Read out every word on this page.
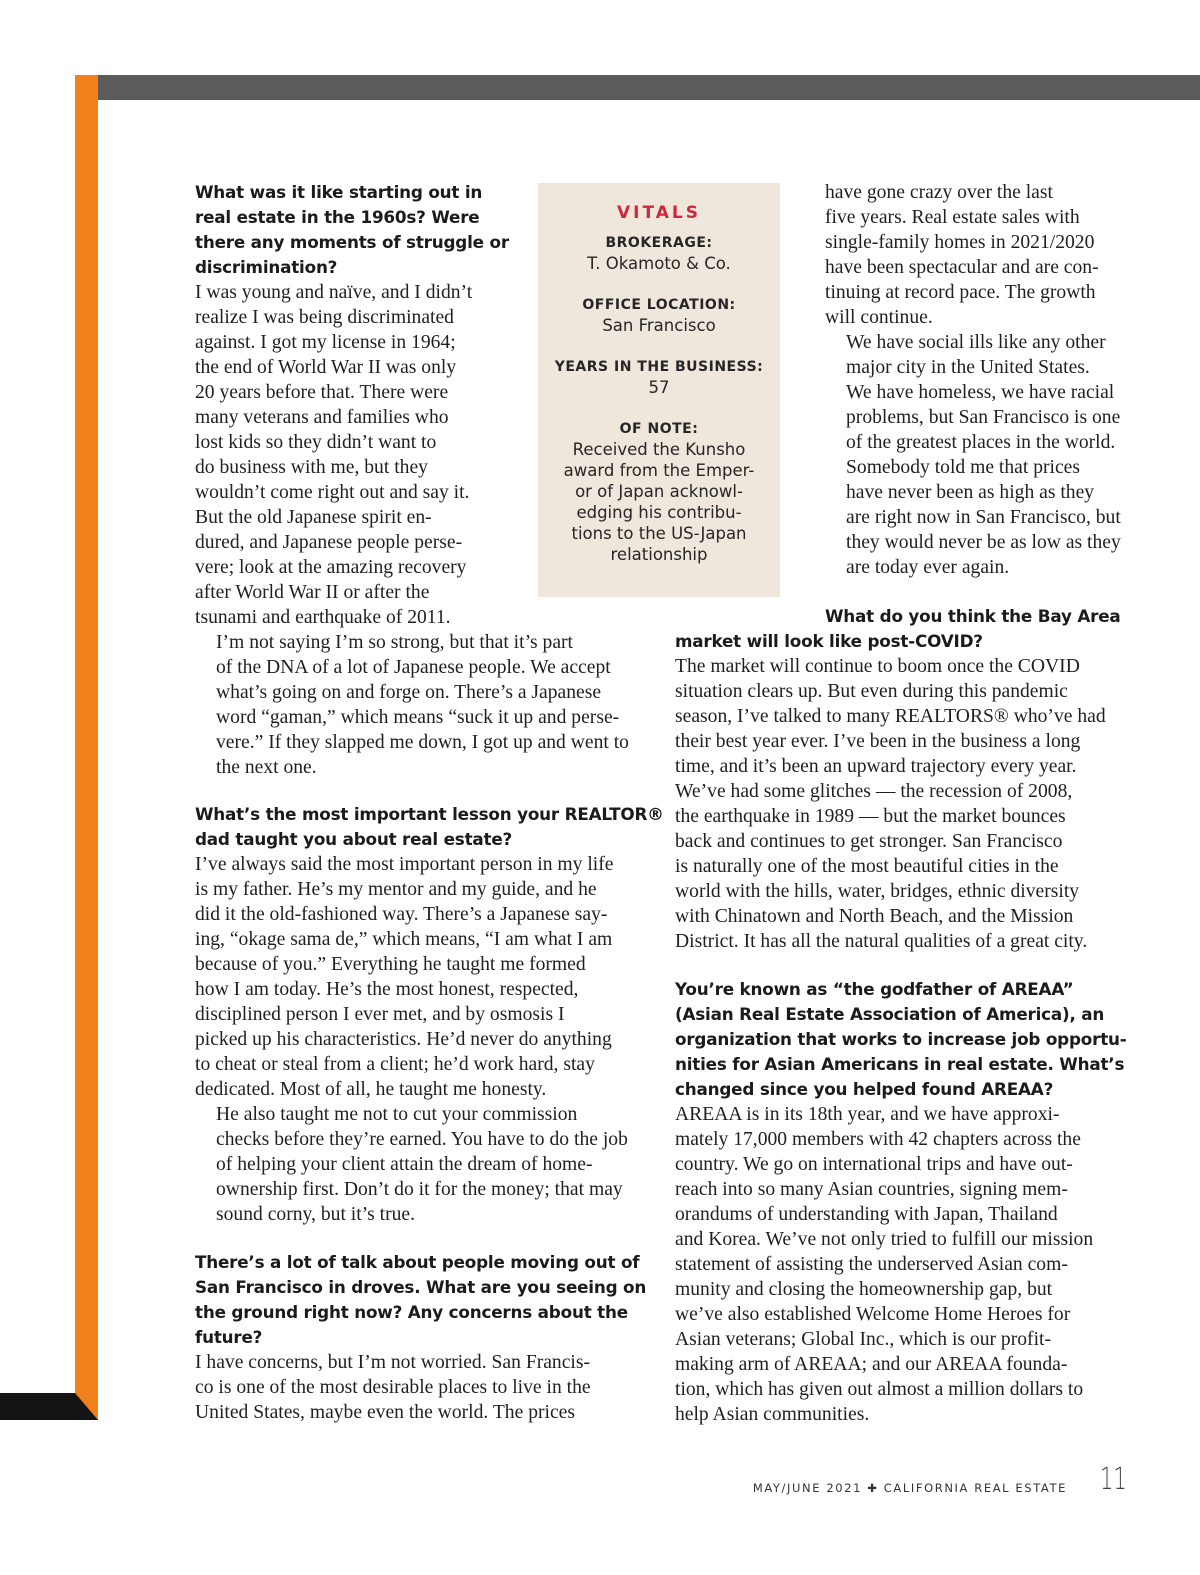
What was it like starting out in
real estate in the 1960s? Were
there any moments of struggle or
discrimination?
I was young and naïve, and I didn’t
realize I was being discriminated
against. I got my license in 1964;
the end of World War II was only
20 years before that. There were
many veterans and families who
lost kids so they didn’t want to
do business with me, but they
wouldn’t come right out and say it.
But the old Japanese spirit en-
dured, and Japanese people perse-
vere; look at the amazing recovery
after World War II or after the
tsunami and earthquake of 2011.
I’m not saying I’m so strong, but that it’s part
of the DNA of a lot of Japanese people. We accept
what’s going on and forge on. There’s a Japanese
word “gaman,” which means “suck it up and perse-
vere.” If they slapped me down, I got up and went to
the next one.
What’s the most important lesson your REALTOR®
dad taught you about real estate?
I’ve always said the most important person in my life
is my father. He’s my mentor and my guide, and he
did it the old-fashioned way. There’s a Japanese say-
ing, “okage sama de,” which means, “I am what I am
because of you.” Everything he taught me formed
how I am today. He’s the most honest, respected,
disciplined person I ever met, and by osmosis I
picked up his characteristics. He’d never do anything
to cheat or steal from a client; he’d work hard, stay
dedicated. Most of all, he taught me honesty.
He also taught me not to cut your commission
checks before they’re earned. You have to do the job
of helping your client attain the dream of home-
ownership first. Don’t do it for the money; that may
sound corny, but it’s true.
There’s a lot of talk about people moving out of
San Francisco in droves. What are you seeing on
the ground right now? Any concerns about the
future?
I have concerns, but I’m not worried. San Francis-
co is one of the most desirable places to live in the
United States, maybe even the world. The prices
VITALS
BROKERAGE:
T. Okamoto & Co.
OFFICE LOCATION:
San Francisco
YEARS IN THE BUSINESS:
57
OF NOTE:
Received the Kunsho
award from the Emper-
or of Japan acknowl-
edging his contribu-
tions to the US-Japan
relationship
have gone crazy over the last
five years. Real estate sales with
single-family homes in 2021/2020
have been spectacular and are con-
tinuing at record pace. The growth
will continue.
We have social ills like any other
major city in the United States.
We have homeless, we have racial
problems, but San Francisco is one
of the greatest places in the world.
Somebody told me that prices
have never been as high as they
are right now in San Francisco, but
they would never be as low as they
are today ever again.
What do you think the Bay Area
market will look like post-COVID?
The market will continue to boom once the COVID
situation clears up. But even during this pandemic
season, I’ve talked to many REALTORS® who’ve had
their best year ever. I’ve been in the business a long
time, and it’s been an upward trajectory every year.
We’ve had some glitches — the recession of 2008,
the earthquake in 1989 — but the market bounces
back and continues to get stronger. San Francisco
is naturally one of the most beautiful cities in the
world with the hills, water, bridges, ethnic diversity
with Chinatown and North Beach, and the Mission
District. It has all the natural qualities of a great city.
You’re known as “the godfather of AREAA”
(Asian Real Estate Association of America), an
organization that works to increase job opportu-
nities for Asian Americans in real estate. What’s
changed since you helped found AREAA?
AREAA is in its 18th year, and we have approxi-
mately 17,000 members with 42 chapters across the
country. We go on international trips and have out-
reach into so many Asian countries, signing mem-
orandums of understanding with Japan, Thailand
and Korea. We’ve not only tried to fulfill our mission
statement of assisting the underserved Asian com-
munity and closing the homeownership gap, but
we’ve also established Welcome Home Heroes for
Asian veterans; Global Inc., which is our profit-
making arm of AREAA; and our AREAA founda-
tion, which has given out almost a million dollars to
help Asian communities.
MAY/JUNE 2021 ✚ CALIFORNIA REAL ESTATE 11
